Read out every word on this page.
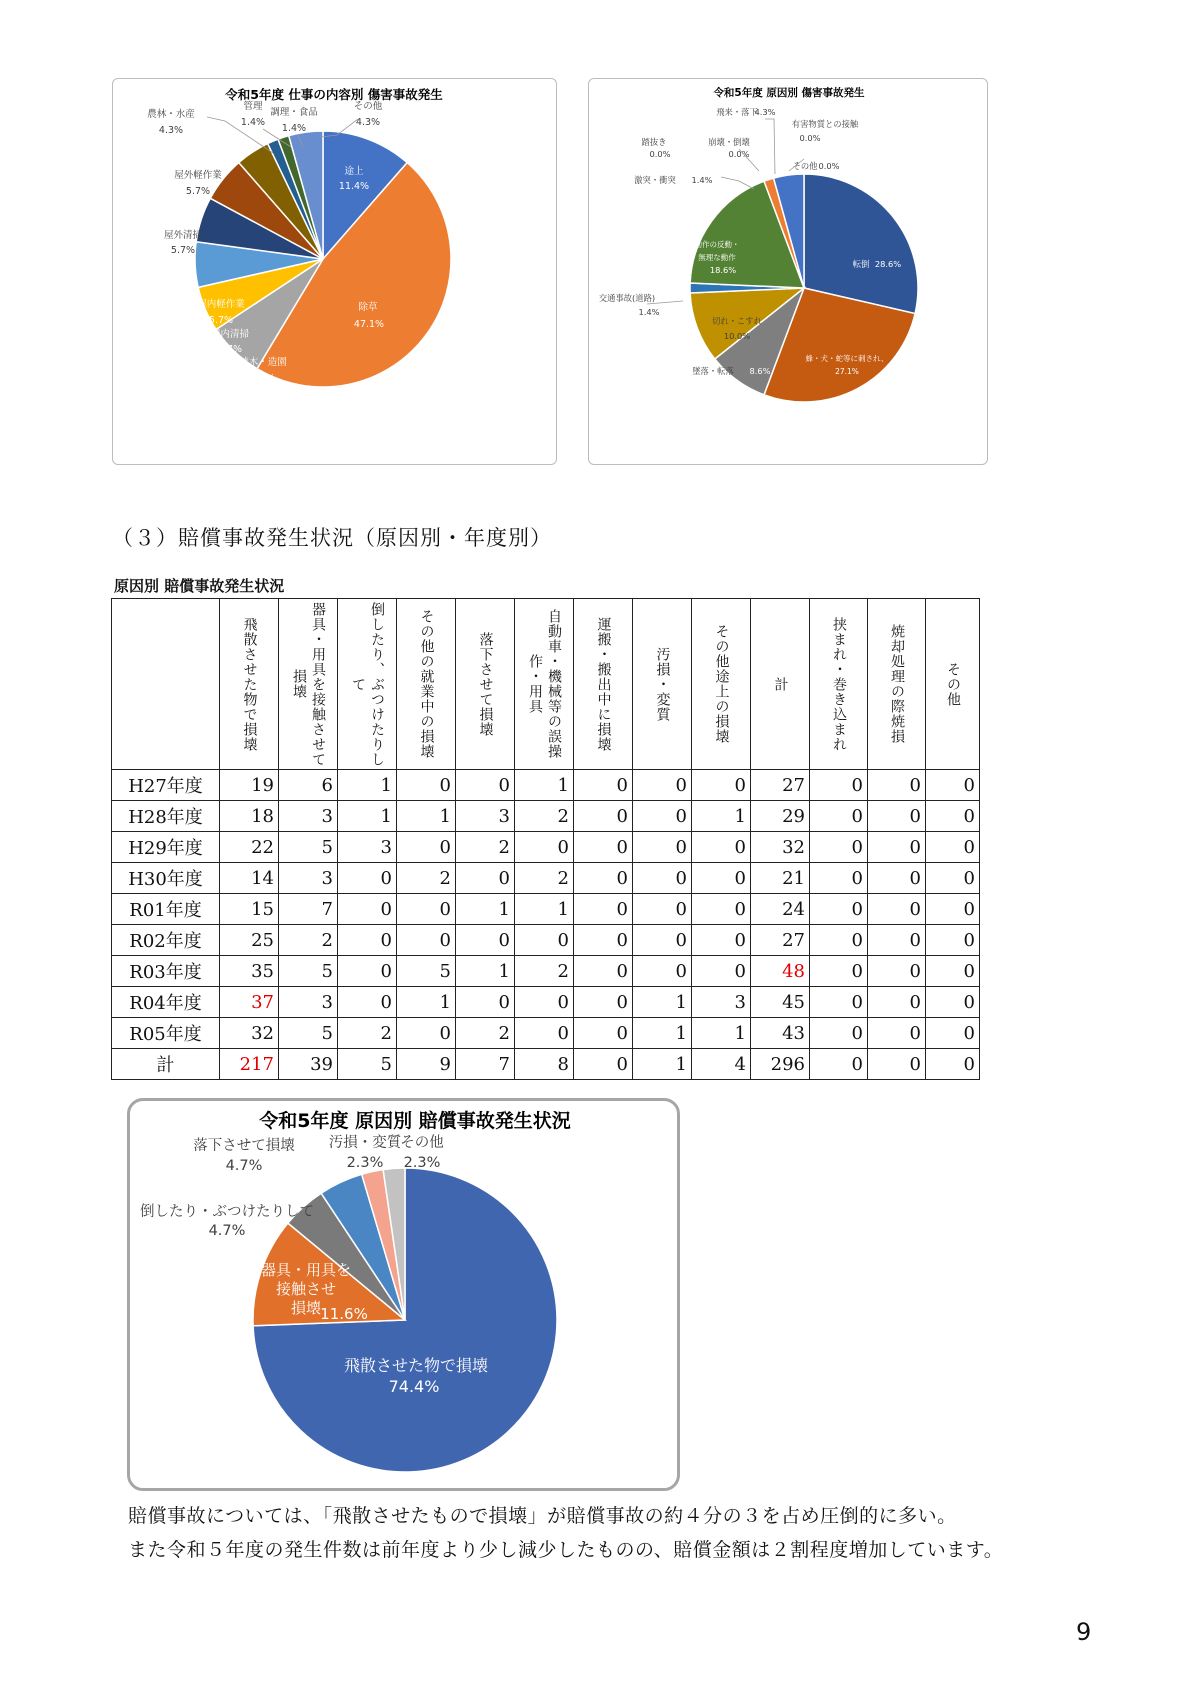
令和5年度 仕事の内容別 傷害事故発生
途上
11.4%
除草
47.1%
植木・造園
7.1%
屋内清掃
5.7%
屋内軽作業
5.7%
屋外清掃
5.7%
屋外軽作業
5.7%
農林・水産
4.3%
管理
1.4%
調理・食品
1.4%
その他
4.3%
令和5年度 原因別 傷害事故発生
転倒 28.6%
蜂・犬・蛇等に刺され、
27.1%
墜落・転落 8.6%
切れ・こすれ
10.0%
交通事故(道路)
1.4%
動作の反動・無理な動作
18.6%
激突・衝突 1.4%
踏抜き
0.0%
崩壊・倒壊
0.0%
飛来・落下
4.3%
有害物質との接触
0.0%
その他 0.0%
（３）賠償事故発生状況（原因別・年度別）
原因別 賠償事故発生状況

	飛散させた物で損壊	器具・用具を接触させて損壊	倒したり、ぶつけたりして	その他の就業中の損壊	落下させて損壊	自動車・機械等の誤操作・用具	運搬・搬出中に損壊	汚損・変質	その他途上の損壊	計	挟まれ・巻き込まれ	焼却処理の際焼損	その他

H27年度	19	6	1	0	0	1	0	0	0	27	0	0	0
H28年度	18	3	1	1	3	2	0	0	1	29	0	0	0
H29年度	22	5	3	0	2	0	0	0	0	32	0	0	0
H30年度	14	3	0	2	0	2	0	0	0	21	0	0	0
R01年度	15	7	0	0	1	1	0	0	0	24	0	0	0
R02年度	25	2	0	0	0	0	0	0	0	27	0	0	0
R03年度	35	5	0	5	1	2	0	0	0	48	0	0	0
R04年度	37	3	0	1	0	0	0	1	3	45	0	0	0
R05年度	32	5	2	0	2	0	0	1	1	43	0	0	0
計	217	39	5	9	7	8	0	1	4	296	0	0	0
令和5年度 原因別 賠償事故発生状況
飛散させた物で損壊
74.4%
器具・用具を接触させ損壊 11.6%
倒したり・ぶつけたりして
4.7%
落下させて損壊
4.7%
汚損・変質
2.3%
その他
2.3%
賠償事故については、「飛散させたもので損壊」が賠償事故の約４分の３を占め圧倒的に多い。
また令和５年度の発生件数は前年度より少し減少したものの、賠償金額は２割程度増加しています。
9
